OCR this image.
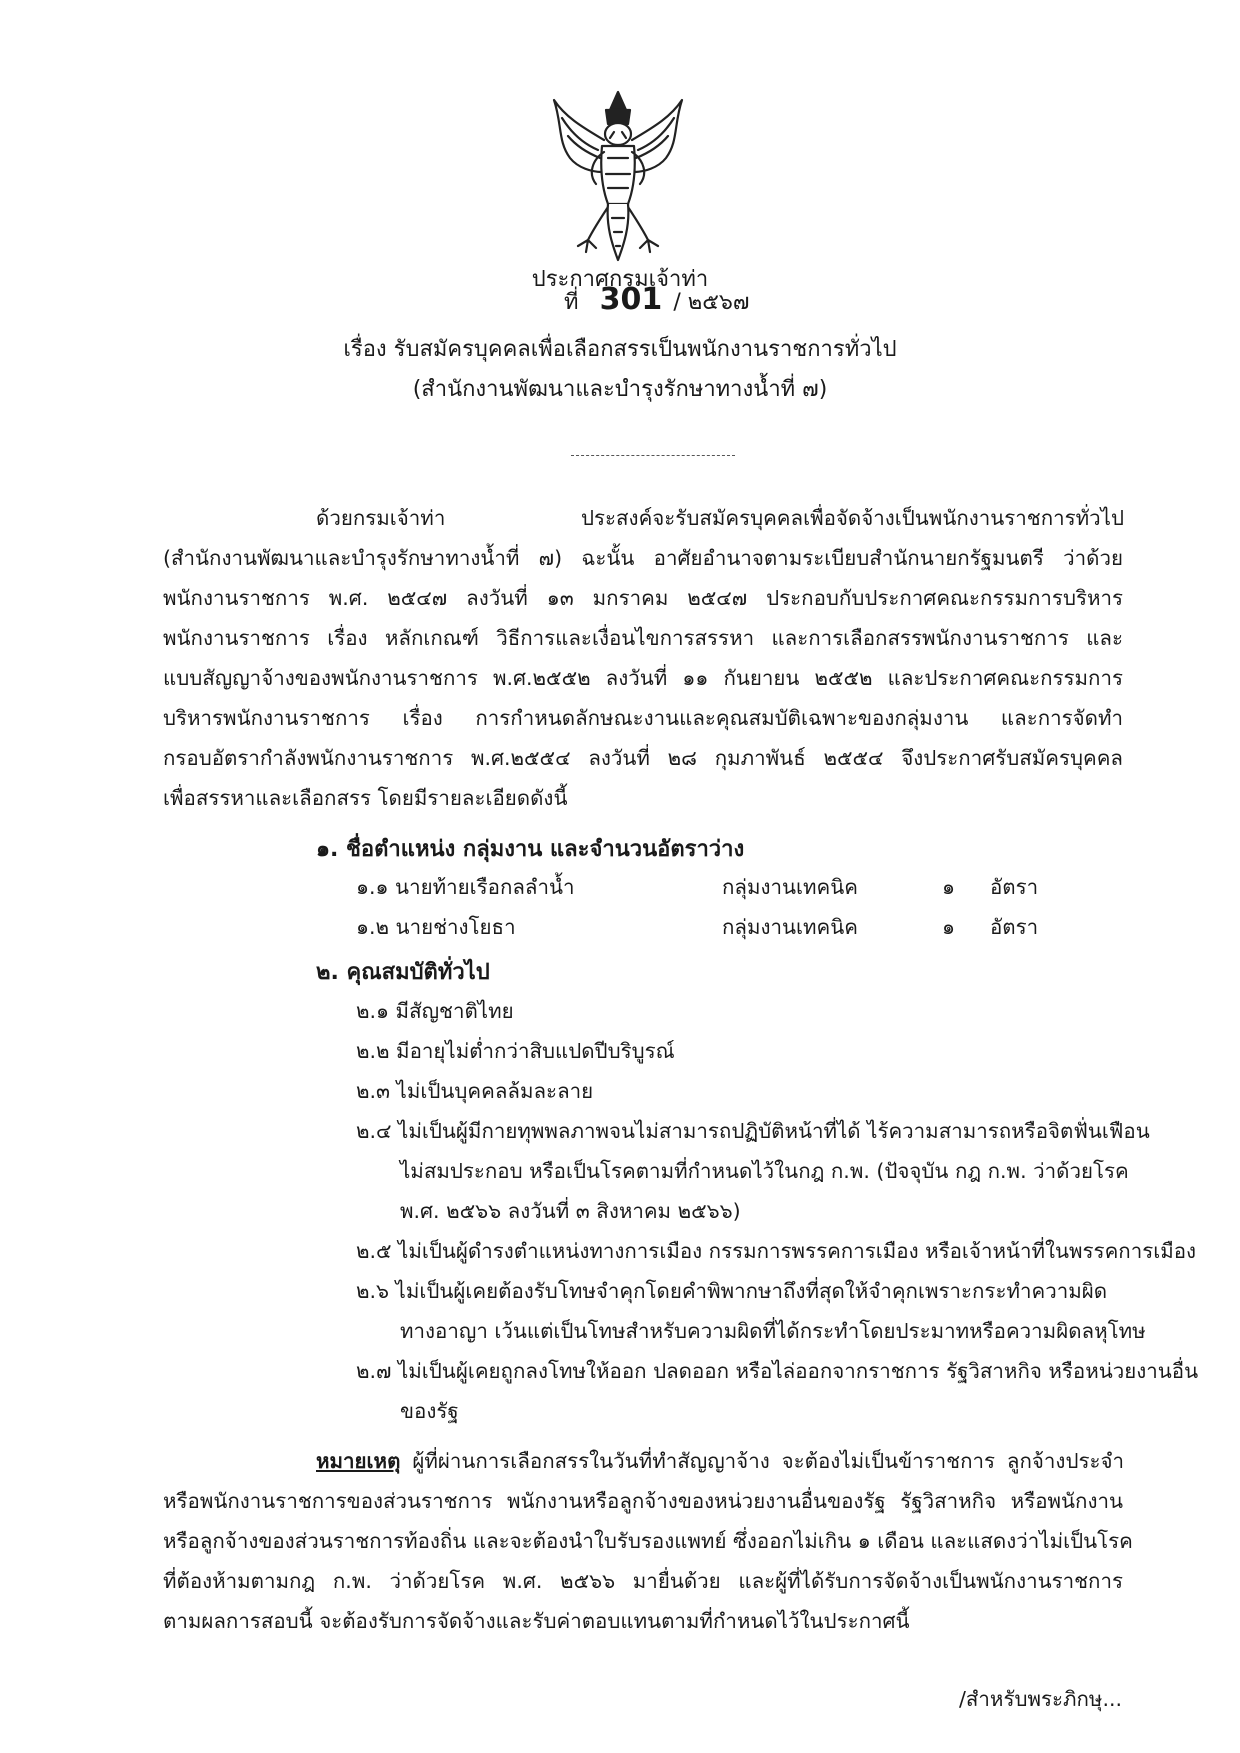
ประกาศกรมเจ้าท่า
ที่ 301 / ๒๕๖๗
เรื่อง รับสมัครบุคคลเพื่อเลือกสรรเป็นพนักงานราชการทั่วไป
(สำนักงานพัฒนาและบำรุงรักษาทางน้ำที่ ๗)
ด้วยกรมเจ้าท่า ประสงค์จะรับสมัครบุคคลเพื่อจัดจ้างเป็นพนักงานราชการทั่วไป
(สำนักงานพัฒนาและบำรุงรักษาทางน้ำที่ ๗) ฉะนั้น อาศัยอำนาจตามระเบียบสำนักนายกรัฐมนตรี ว่าด้วย
พนักงานราชการ พ.ศ. ๒๕๔๗ ลงวันที่ ๑๓ มกราคม ๒๕๔๗ ประกอบกับประกาศคณะกรรมการบริหาร
พนักงานราชการ เรื่อง หลักเกณฑ์ วิธีการและเงื่อนไขการสรรหา และการเลือกสรรพนักงานราชการ และ
แบบสัญญาจ้างของพนักงานราชการ พ.ศ.๒๕๕๒ ลงวันที่ ๑๑ กันยายน ๒๕๕๒ และประกาศคณะกรรมการ
บริหารพนักงานราชการ เรื่อง การกำหนดลักษณะงานและคุณสมบัติเฉพาะของกลุ่มงาน และการจัดทำ
กรอบอัตรากำลังพนักงานราชการ พ.ศ.๒๕๕๔ ลงวันที่ ๒๘ กุมภาพันธ์ ๒๕๕๔ จึงประกาศรับสมัครบุคคล
เพื่อสรรหาและเลือกสรร โดยมีรายละเอียดดังนี้
๑. ชื่อตำแหน่ง กลุ่มงาน และจำนวนอัตราว่าง
๑.๑ นายท้ายเรือกลลำน้ำ	กลุ่มงานเทคนิค	๑ อัตรา
๑.๒ นายช่างโยธา	กลุ่มงานเทคนิค	๑ อัตรา
๒. คุณสมบัติทั่วไป
๒.๑ มีสัญชาติไทย
๒.๒ มีอายุไม่ต่ำกว่าสิบแปดปีบริบูรณ์
๒.๓ ไม่เป็นบุคคลล้มละลาย
๒.๔ ไม่เป็นผู้มีกายทุพพลภาพจนไม่สามารถปฏิบัติหน้าที่ได้ ไร้ความสามารถหรือจิตฟั่นเฟือน
ไม่สมประกอบ หรือเป็นโรคตามที่กำหนดไว้ในกฎ ก.พ. (ปัจจุบัน กฎ ก.พ. ว่าด้วยโรค
พ.ศ. ๒๕๖๖ ลงวันที่ ๓ สิงหาคม ๒๕๖๖)
๒.๕ ไม่เป็นผู้ดำรงตำแหน่งทางการเมือง กรรมการพรรคการเมือง หรือเจ้าหน้าที่ในพรรคการเมือง
๒.๖ ไม่เป็นผู้เคยต้องรับโทษจำคุกโดยคำพิพากษาถึงที่สุดให้จำคุกเพราะกระทำความผิด
ทางอาญา เว้นแต่เป็นโทษสำหรับความผิดที่ได้กระทำโดยประมาทหรือความผิดลหุโทษ
๒.๗ ไม่เป็นผู้เคยถูกลงโทษให้ออก ปลดออก หรือไล่ออกจากราชการ รัฐวิสาหกิจ หรือหน่วยงานอื่น
ของรัฐ
หมายเหตุ ผู้ที่ผ่านการเลือกสรรในวันที่ทำสัญญาจ้าง จะต้องไม่เป็นข้าราชการ ลูกจ้างประจำ
หรือพนักงานราชการของส่วนราชการ พนักงานหรือลูกจ้างของหน่วยงานอื่นของรัฐ รัฐวิสาหกิจ หรือพนักงาน
หรือลูกจ้างของส่วนราชการท้องถิ่น และจะต้องนำใบรับรองแพทย์ ซึ่งออกไม่เกิน ๑ เดือน และแสดงว่าไม่เป็นโรค
ที่ต้องห้ามตามกฎ ก.พ. ว่าด้วยโรค พ.ศ. ๒๕๖๖ มายื่นด้วย และผู้ที่ได้รับการจัดจ้างเป็นพนักงานราชการ
ตามผลการสอบนี้ จะต้องรับการจัดจ้างและรับค่าตอบแทนตามที่กำหนดไว้ในประกาศนี้
/สำหรับพระภิกษุ...
